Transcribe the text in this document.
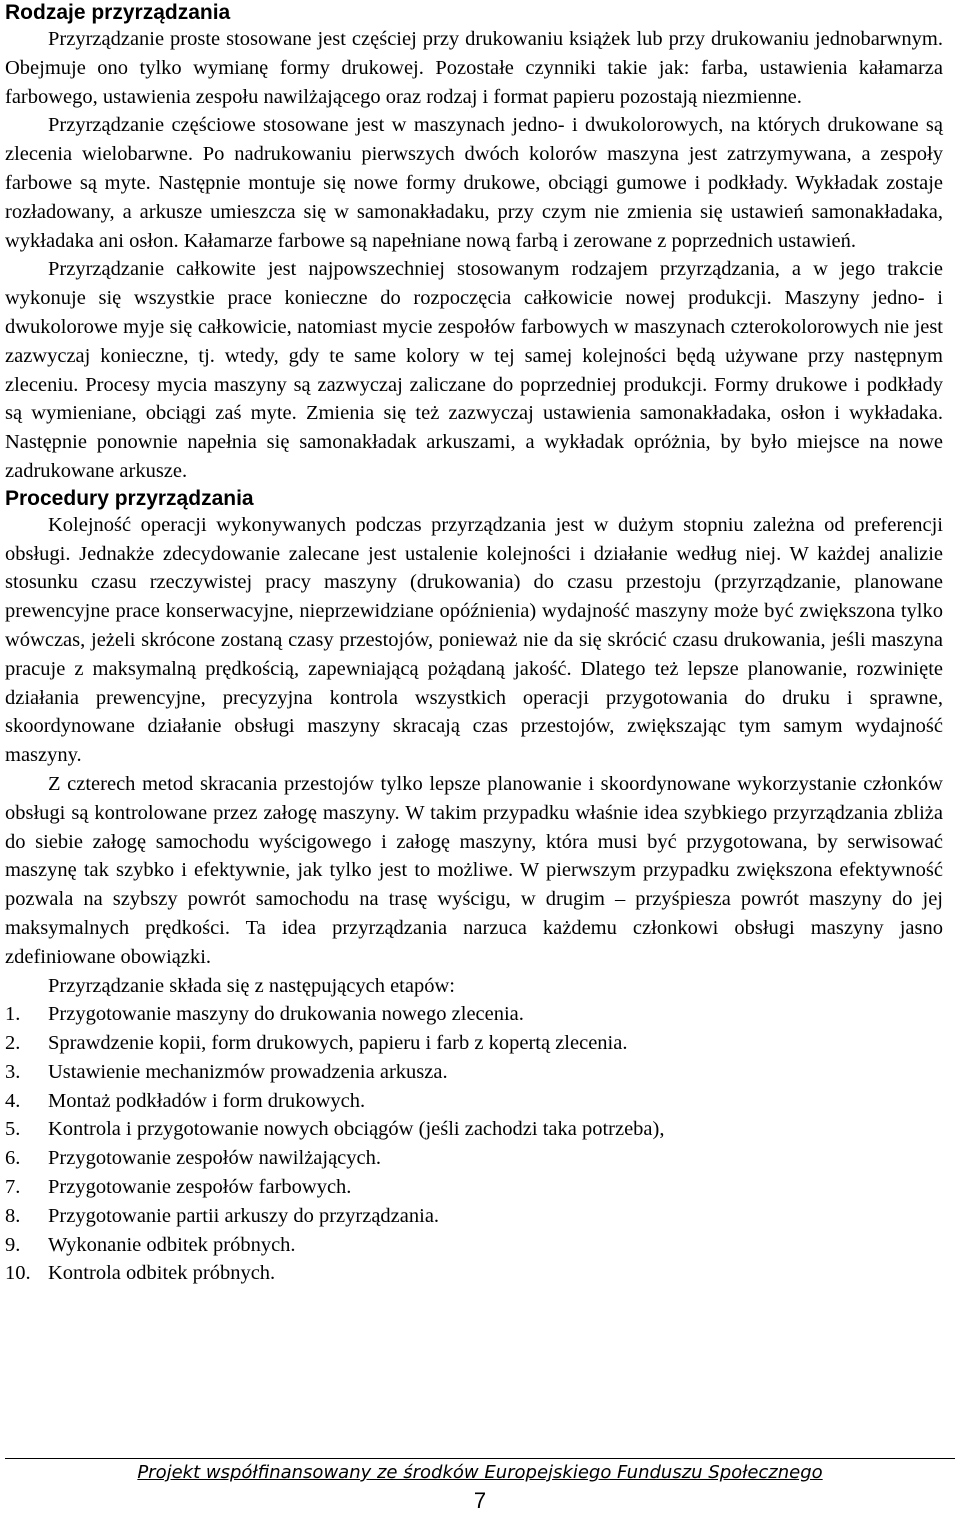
Rodzaje przyrządzania

Przyrządzanie proste stosowane jest częściej przy drukowaniu książek lub przy drukowaniu jednobarwnym. Obejmuje ono tylko wymianę formy drukowej. Pozostałe czynniki takie jak: farba, ustawienia kałamarza farbowego, ustawienia zespołu nawilżającego oraz rodzaj i format papieru pozostają niezmienne.

Przyrządzanie częściowe stosowane jest w maszynach jedno- i dwukolorowych, na których drukowane są zlecenia wielobarwne. Po nadrukowaniu pierwszych dwóch kolorów maszyna jest zatrzymywana, a zespoły farbowe są myte. Następnie montuje się nowe formy drukowe, obciągi gumowe i podkłady. Wykładak zostaje rozładowany, a arkusze umieszcza się w samonakładaku, przy czym nie zmienia się ustawień samonakładaka, wykładaka ani osłon. Kałamarze farbowe są napełniane nową farbą i zerowane z poprzednich ustawień.

Przyrządzanie całkowite jest najpowszechniej stosowanym rodzajem przyrządzania, a w jego trakcie wykonuje się wszystkie prace konieczne do rozpoczęcia całkowicie nowej produkcji. Maszyny jedno- i dwukolorowe myje się całkowicie, natomiast mycie zespołów farbowych w maszynach czterokolorowych nie jest zazwyczaj konieczne, tj. wtedy, gdy te same kolory w tej samej kolejności będą używane przy następnym zleceniu. Procesy mycia maszyny są zazwyczaj zaliczane do poprzedniej produkcji. Formy drukowe i podkłady są wymieniane, obciągi zaś myte. Zmienia się też zazwyczaj ustawienia samonakładaka, osłon i wykładaka. Następnie ponownie napełnia się samonakładak arkuszami, a wykładak opróżnia, by było miejsce na nowe zadrukowane arkusze.

Procedury przyrządzania

Kolejność operacji wykonywanych podczas przyrządzania jest w dużym stopniu zależna od preferencji obsługi. Jednakże zdecydowanie zalecane jest ustalenie kolejności i działanie według niej. W każdej analizie stosunku czasu rzeczywistej pracy maszyny (drukowania) do czasu przestoju (przyrządzanie, planowane prewencyjne prace konserwacyjne, nieprzewidziane opóźnienia) wydajność maszyny może być zwiększona tylko wówczas, jeżeli skrócone zostaną czasy przestojów, ponieważ nie da się skrócić czasu drukowania, jeśli maszyna pracuje z maksymalną prędkością, zapewniającą pożądaną jakość. Dlatego też lepsze planowanie, rozwinięte działania prewencyjne, precyzyjna kontrola wszystkich operacji przygotowania do druku i sprawne, skoordynowane działanie obsługi maszyny skracają czas przestojów, zwiększając tym samym wydajność maszyny.

Z czterech metod skracania przestojów tylko lepsze planowanie i skoordynowane wykorzystanie członków obsługi są kontrolowane przez załogę maszyny. W takim przypadku właśnie idea szybkiego przyrządzania zbliża do siebie załogę samochodu wyścigowego i załogę maszyny, która musi być przygotowana, by serwisować maszynę tak szybko i efektywnie, jak tylko jest to możliwe. W pierwszym przypadku zwiększona efektywność pozwala na szybszy powrót samochodu na trasę wyścigu, w drugim – przyśpiesza powrót maszyny do jej maksymalnych prędkości. Ta idea przyrządzania narzuca każdemu członkowi obsługi maszyny jasno zdefiniowane obowiązki.

Przyrządzanie składa się z następujących etapów:

1.	Przygotowanie maszyny do drukowania nowego zlecenia.
2.	Sprawdzenie kopii, form drukowych, papieru i farb z kopertą zlecenia.
3.	Ustawienie mechanizmów prowadzenia arkusza.
4.	Montaż podkładów i form drukowych.
5.	Kontrola i przygotowanie nowych obciągów (jeśli zachodzi taka potrzeba),
6.	Przygotowanie zespołów nawilżających.
7.	Przygotowanie zespołów farbowych.
8.	Przygotowanie partii arkuszy do przyrządzania.
9.	Wykonanie odbitek próbnych.
10. Kontrola odbitek próbnych.
Projekt współfinansowany ze środków Europejskiego Funduszu Społecznego
7
